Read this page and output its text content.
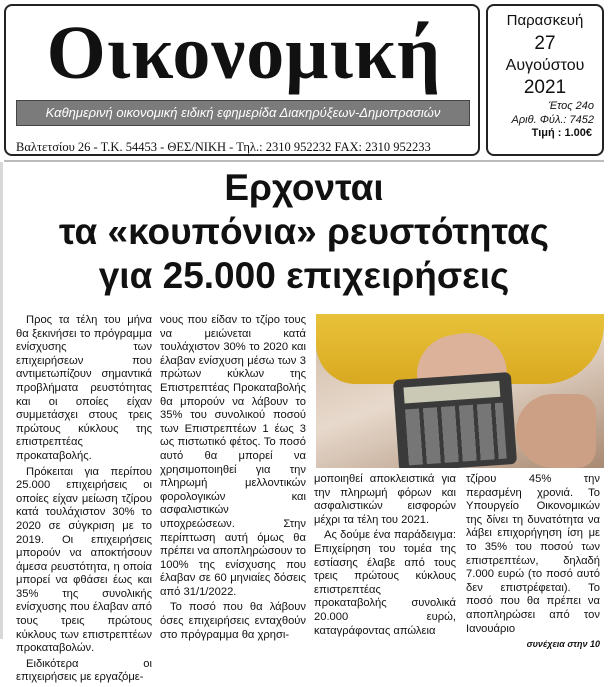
Οικονομική
Καθημερινή οικονομική ειδική εφημερίδα Διακηρύξεων-Δημοπρασιών
Βαλτετσίου 26 - Τ.Κ. 54453 - ΘΕΣ/ΝΙΚΗ - Τηλ.: 2310 952232 FAX: 2310 952233
Παρασκευή
27
Αυγούστου
2021
Έτος 24ο
Αριθ. Φύλ.: 7452
Τιμή : 1.00€
Ερχονται
τα «κουπόνια» ρευστότητας
για 25.000 επιχειρήσεις

Προς τα τέλη του μήνα θα ξεκινήσει το πρόγραμμα ενίσχυσης των επιχειρήσεων που αντιμετωπίζουν σημαντικά προβλήματα ρευστότητας και οι οποίες είχαν συμμετάσχει στους τρεις πρώτους κύκλους της επιστρεπτέας προκαταβολής.

Πρόκειται για περίπου 25.000 επιχειρήσεις οι οποίες είχαν μείωση τζίρου κατά τουλάχιστον 30% το 2020 σε σύγκριση με το 2019. Οι επιχειρήσεις μπορούν να αποκτήσουν άμεσα ρευστότητα, η οποία μπορεί να φθάσει έως και 35% της συνολικής ενίσχυσης που έλαβαν από τους τρεις πρώτους κύκλους των επιστρεπτέων προκαταβολών.

Ειδικότερα οι επιχειρήσεις με εργαζόμε-

νους που είδαν το τζίρο τους να μειώνεται κατά τουλάχιστον 30% το 2020 και έλαβαν ενίσχυση μέσω των 3 πρώτων κύκλων της Επιστρεπτέας Προκαταβολής θα μπορούν να λάβουν το 35% του συνολικού ποσού των Επιστρεπτέων 1 έως 3 ως πιστωτικό φέτος. Το ποσό αυτό θα μπορεί να χρησιμοποιηθεί για την πληρωμή μελλοντικών φορολογικών και ασφαλιστικών υποχρεώσεων. Στην περίπτωση αυτή όμως θα πρέπει να αποπληρώσουν το 100% της ενίσχυσης που έλαβαν σε 60 μηνιαίες δόσεις από 31/1/2022.

Το ποσό που θα λάβουν όσες επιχειρήσεις ενταχθούν στο πρόγραμμα θα χρησι-

μοποιηθεί αποκλειστικά για την πληρωμή φόρων και ασφαλιστικών εισφορών μέχρι τα τέλη του 2021.

Ας δούμε ένα παράδειγμα: Επιχείρηση του τομέα της εστίασης έλαβε από τους τρεις πρώτους κύκλους επιστρεπτέας προκαταβολής συνολικά 20.000 ευρώ, καταγράφοντας απώλεια

τζίρου 45% την περασμένη χρονιά. Το Υπουργείο Οικονομικών της δίνει τη δυνατότητα να λάβει επιχορήγηση ίση με το 35% του ποσού των επιστρεπτέων, δηλαδή 7.000 ευρώ (το ποσό αυτό δεν επιστρέφεται). Το ποσό που θα πρέπει να αποπληρώσει από τον Ιανουάριο

συνέχεια στην 10
